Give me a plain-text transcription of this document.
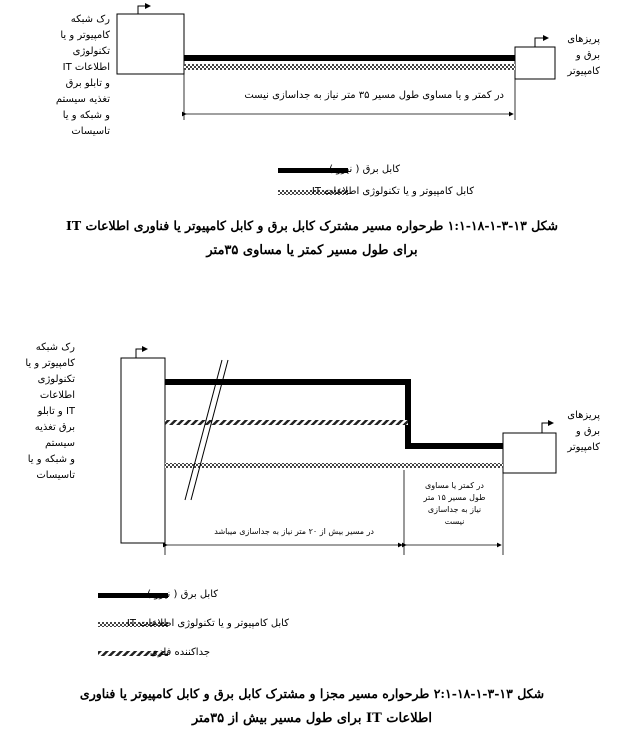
رک شبکه
کامپیوتر و یا
تکنولوژی
اطلاعات IT
و تابلو برق
تغذیه سیستم
و شبکه و یا
تاسیسات
پریزهای
برق و
کامپیوتر
در کمتر و یا مساوی طول مسیر ۳۵ متر نیاز به جداسازی نیست
کابل برق ( نیرو )
کابل کامپیوتر و یا تکنولوژی اطلاعات IT
شکل ۱۳-۳-۱-۱۸-۱:۱ طرحواره مسیر مشترک کابل برق و کابل کامپیوتر یا فناوری اطلاعات IT
برای طول مسیر کمتر یا مساوی ۳۵متر
رک شبکه
کامپیوتر و یا
تکنولوژی
اطلاعات
IT و تابلو
برق تغذیه
سیستم
و شبکه و یا
تاسیسات
پریزهای
برق و
کامپیوتر
در مسیر بیش از ۲۰ متر نیاز به جداسازی میباشد
در کمتر یا مساوی
طول مسیر ۱۵ متر
نیاز به جداسازی
نیست
کابل برق ( نیرو )
کابل کامپیوتر و یا تکنولوژی اطلاعات IT
جداکننده فلزی
شکل ۱۳-۳-۱-۱۸-۲:۱ طرحواره مسیر مجزا و مشترک کابل برق و کابل کامپیوتر یا فناوری
اطلاعات IT برای طول مسیر بیش از ۳۵متر
